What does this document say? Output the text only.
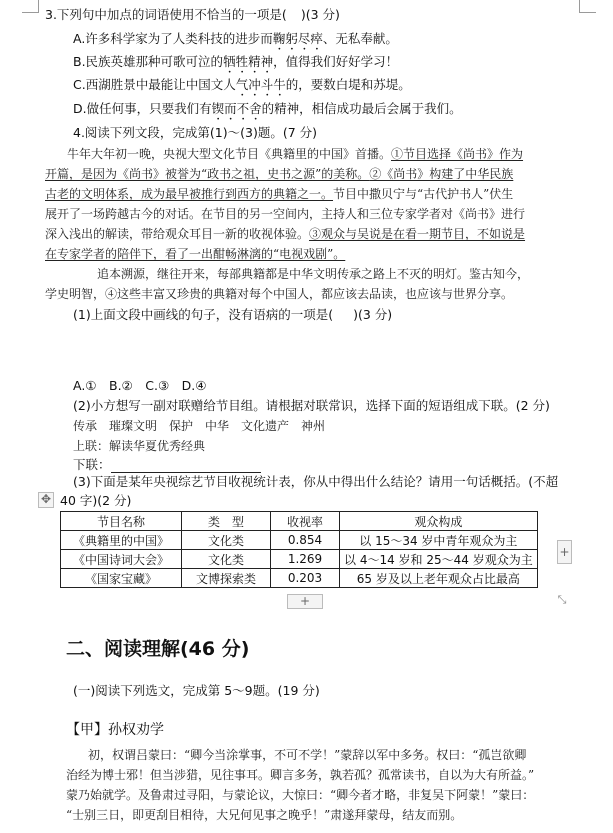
3.下列句中加点的词语使用不恰当的一项是( )(3 分)
A.许多科学家为了人类科技的进步而鞠躬尽瘁、无私奉献。
B.民族英雄那种可歌可泣的牺牲精神，值得我们好好学习！
C.西湖胜景中最能让中国文人气冲斗牛的，要数白堤和苏堤。
D.做任何事，只要我们有锲而不舍的精神，相信成功最后会属于我们。
4.阅读下列文段，完成第(1)～(3)题。(7 分)
牛年大年初一晚，央视大型文化节目《典籍里的中国》首播。①节目选择《尚书》作为
开篇，是因为《尚书》被誉为“政书之祖，史书之源”的美称。②《尚书》构建了中华民族
古老的文明体系，成为最早被推行到西方的典籍之一。节目中撒贝宁与“古代护书人”伏生
展开了一场跨越古今的对话。在节目的另一空间内，主持人和三位专家学者对《尚书》进行
深入浅出的解读，带给观众耳目一新的收视体验。③观众与吴说是在看一期节目，不如说是
在专家学者的陪伴下，看了一出酣畅淋漓的“电视戏剧”。
追本溯源，继往开来，每部典籍都是中华文明传承之路上不灭的明灯。鉴古知今，
学史明智，④这些丰富又珍贵的典籍对每个中国人，都应该去品读，也应该与世界分享。
(1)上面文段中画线的句子，没有语病的一项是( )(3 分)
A.①　B.②　C.③　D.④
(2)小方想写一副对联赠给节目组。请根据对联常识，选择下面的短语组成下联。(2 分)
传承　璀璨文明　保护　中华　文化遗产　神州
上联：解读华夏优秀经典
下联：
(3)下面是某年央视综艺节目收视统计表，你从中得出什么结论？请用一句话概括。(不超
✥ 40 字)(2 分)
节目名称	类　型	收视率	观众构成
《典籍里的中国》	文化类	0.854	以 15～34 岁中青年观众为主
《中国诗词大会》	文化类	1.269	以 4～14 岁和 25～44 岁观众为主
《国家宝藏》	文博探索类	0.203	65 岁及以上老年观众占比最高
+
+	⤡
二、阅读理解(46 分)
(一)阅读下列选文，完成第 5～9题。(19 分)
【甲】孙权劝学
初，权谓吕蒙曰：“卿今当涂掌事，不可不学！”蒙辞以军中多务。权曰：“孤岂欲卿
治经为博士邪！但当涉猎，见往事耳。卿言多务，孰若孤？孤常读书，自以为大有所益。”
蒙乃始就学。及鲁肃过寻阳，与蒙论议，大惊曰：“卿今者才略，非复吴下阿蒙！”蒙曰：
“士别三日，即更刮目相待，大兄何见事之晚乎！”肃遂拜蒙母，结友而别。
